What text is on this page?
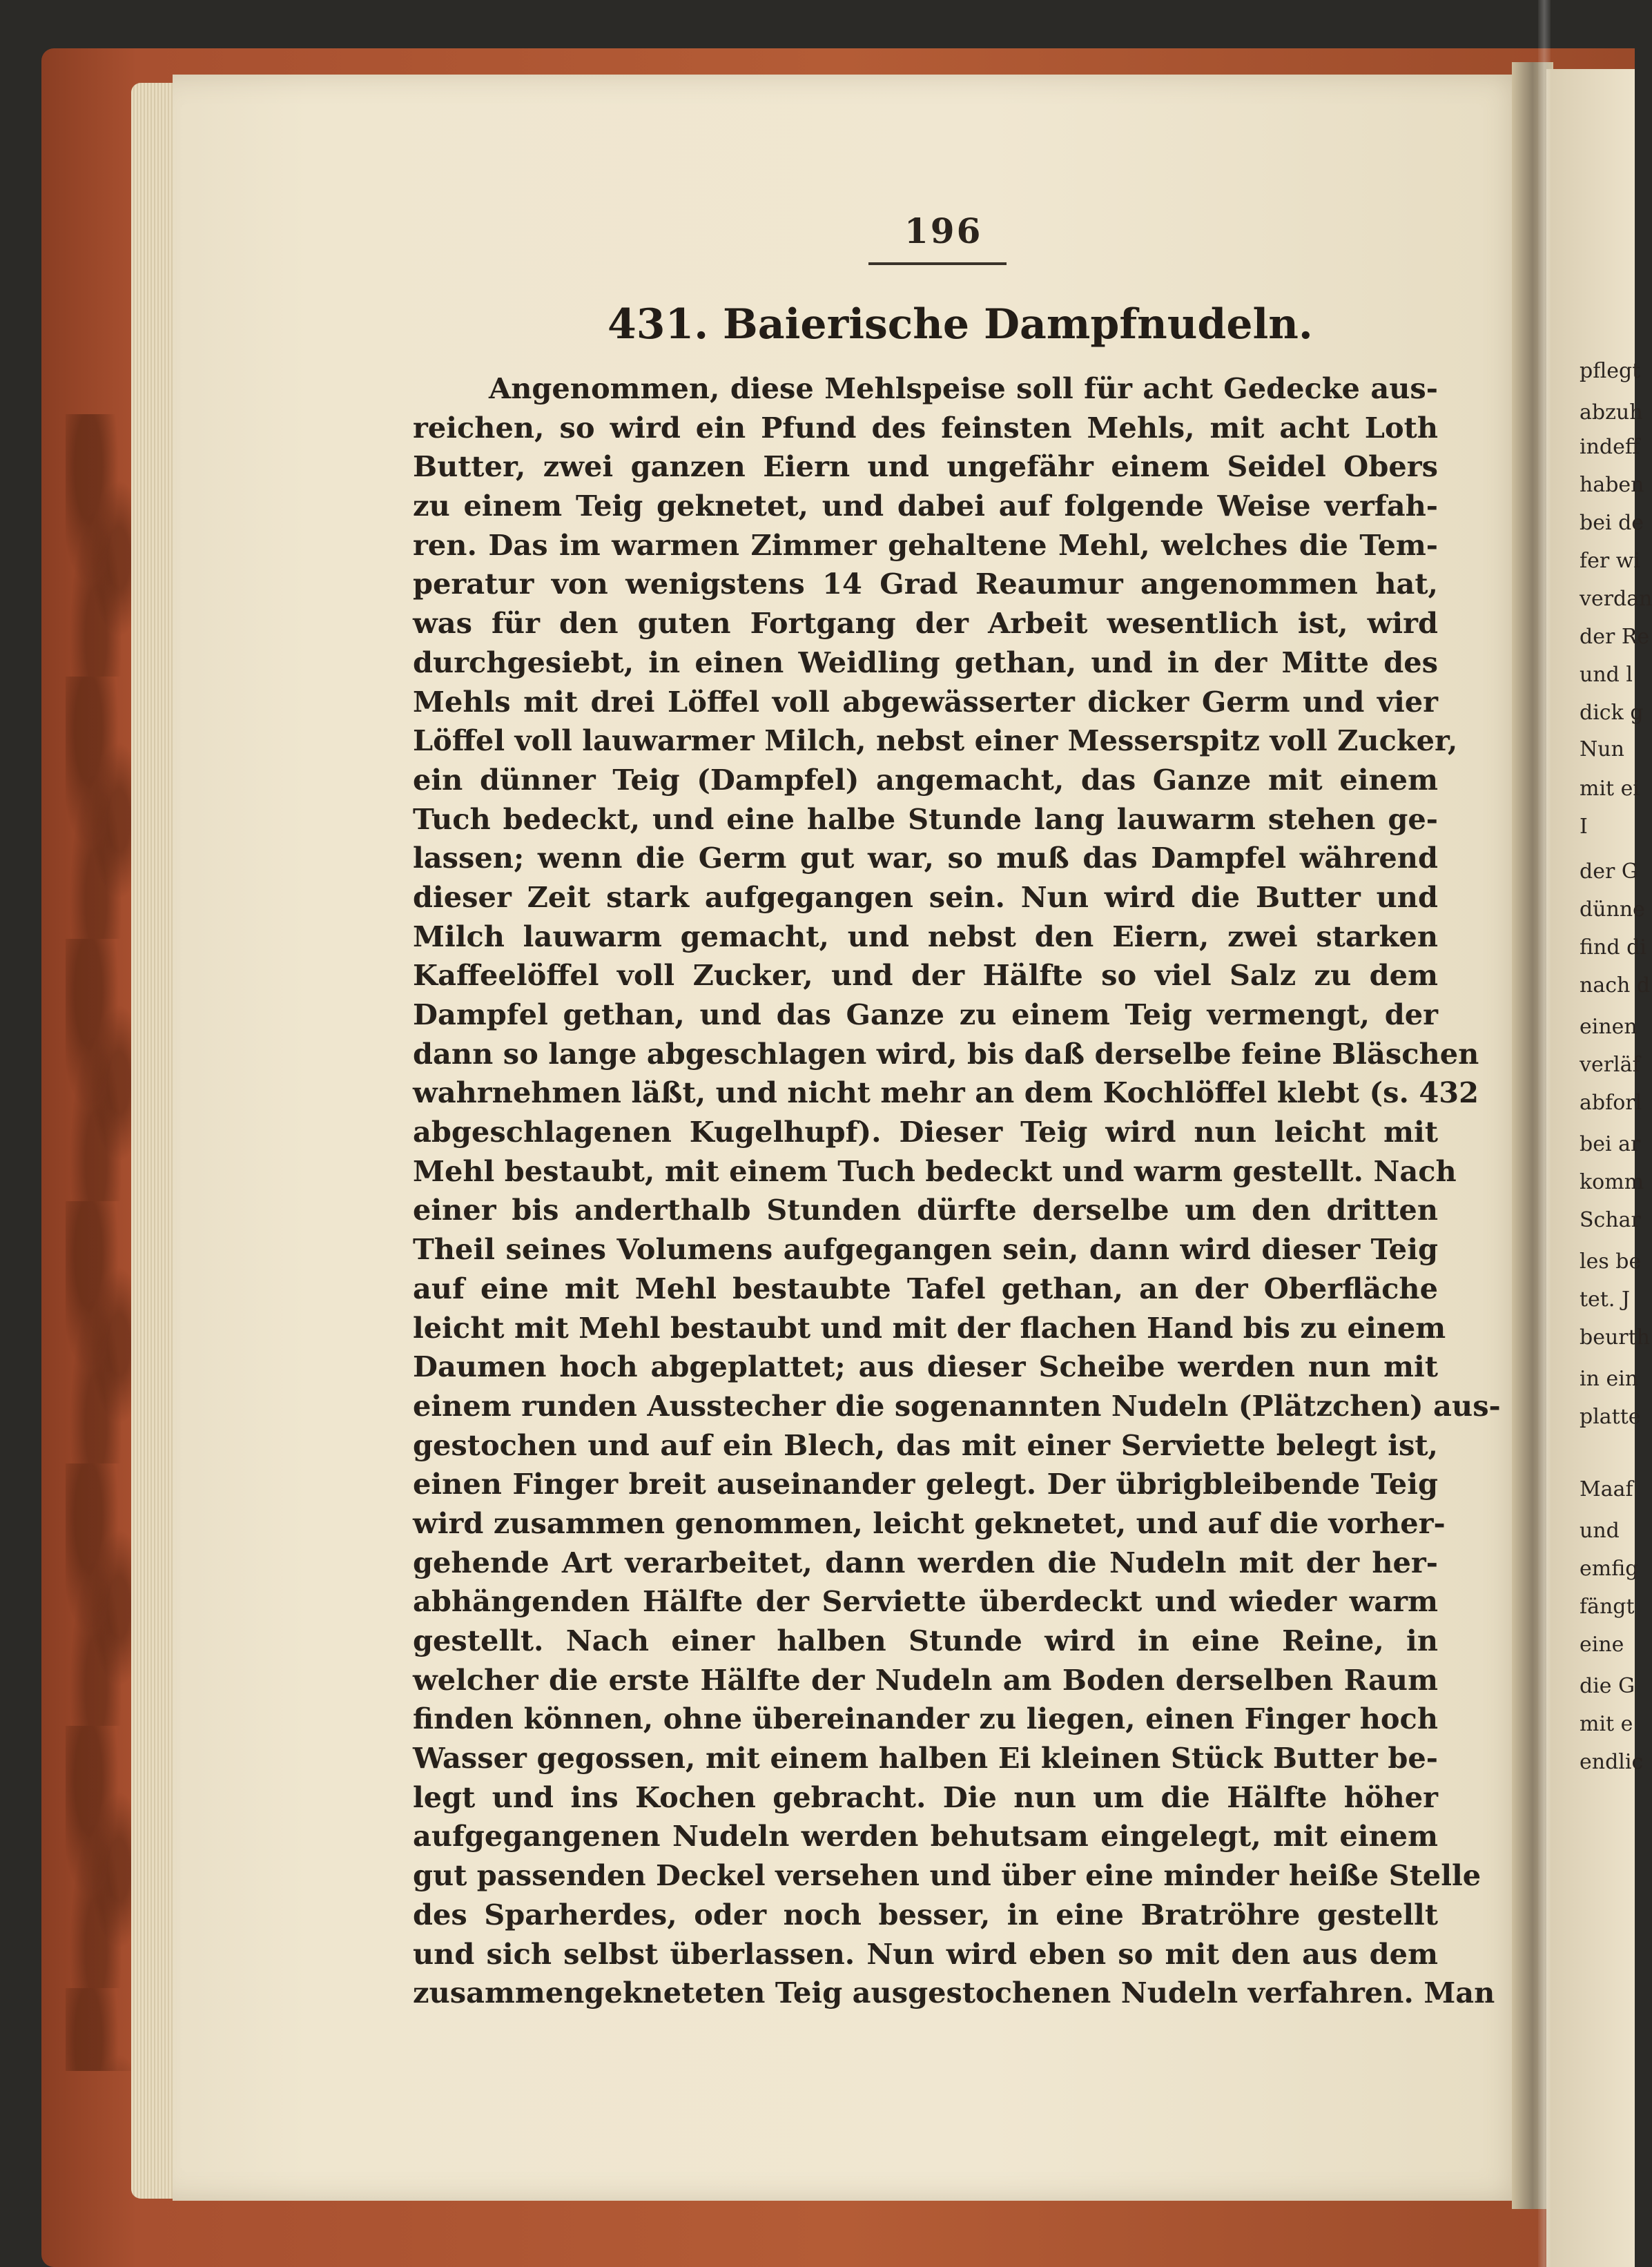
pflegt
abzuh
indeff
haben
bei de
fer wi
verdan
der Re
und l
dick g
Nun
mit ei
I
der G
dünne
find di
nach d
einen
verläf
abforl
bei ar
komm
Schar
les be
tet. J
beurth
in ein
platte
Maaf
und
emfig
fängt
eine
die G
mit e
endlic
196
431. Baierische Dampfnudeln.
Angenommen, diese Mehlspeise soll für acht Gedecke aus-
reichen, so wird ein Pfund des feinsten Mehls, mit acht Loth
Butter, zwei ganzen Eiern und ungefähr einem Seidel Obers
zu einem Teig geknetet, und dabei auf folgende Weise verfah-
ren. Das im warmen Zimmer gehaltene Mehl, welches die Tem-
peratur von wenigstens 14 Grad Reaumur angenommen hat,
was für den guten Fortgang der Arbeit wesentlich ist, wird
durchgesiebt, in einen Weidling gethan, und in der Mitte des
Mehls mit drei Löffel voll abgewässerter dicker Germ und vier
Löffel voll lauwarmer Milch, nebst einer Messerspitz voll Zucker,
ein dünner Teig (Dampfel) angemacht, das Ganze mit einem
Tuch bedeckt, und eine halbe Stunde lang lauwarm stehen ge-
lassen; wenn die Germ gut war, so muß das Dampfel während
dieser Zeit stark aufgegangen sein. Nun wird die Butter und
Milch lauwarm gemacht, und nebst den Eiern, zwei starken
Kaffeelöffel voll Zucker, und der Hälfte so viel Salz zu dem
Dampfel gethan, und das Ganze zu einem Teig vermengt, der
dann so lange abgeschlagen wird, bis daß derselbe feine Bläschen
wahrnehmen läßt, und nicht mehr an dem Kochlöffel klebt (s. 432
abgeschlagenen Kugelhupf). Dieser Teig wird nun leicht mit
Mehl bestaubt, mit einem Tuch bedeckt und warm gestellt. Nach
einer bis anderthalb Stunden dürfte derselbe um den dritten
Theil seines Volumens aufgegangen sein, dann wird dieser Teig
auf eine mit Mehl bestaubte Tafel gethan, an der Oberfläche
leicht mit Mehl bestaubt und mit der flachen Hand bis zu einem
Daumen hoch abgeplattet; aus dieser Scheibe werden nun mit
einem runden Ausstecher die sogenannten Nudeln (Plätzchen) aus-
gestochen und auf ein Blech, das mit einer Serviette belegt ist,
einen Finger breit auseinander gelegt. Der übrigbleibende Teig
wird zusammen genommen, leicht geknetet, und auf die vorher-
gehende Art verarbeitet, dann werden die Nudeln mit der her-
abhängenden Hälfte der Serviette überdeckt und wieder warm
gestellt. Nach einer halben Stunde wird in eine Reine, in
welcher die erste Hälfte der Nudeln am Boden derselben Raum
finden können, ohne übereinander zu liegen, einen Finger hoch
Wasser gegossen, mit einem halben Ei kleinen Stück Butter be-
legt und ins Kochen gebracht. Die nun um die Hälfte höher
aufgegangenen Nudeln werden behutsam eingelegt, mit einem
gut passenden Deckel versehen und über eine minder heiße Stelle
des Sparherdes, oder noch besser, in eine Bratröhre gestellt
und sich selbst überlassen. Nun wird eben so mit den aus dem
zusammengekneteten Teig ausgestochenen Nudeln verfahren. Man
